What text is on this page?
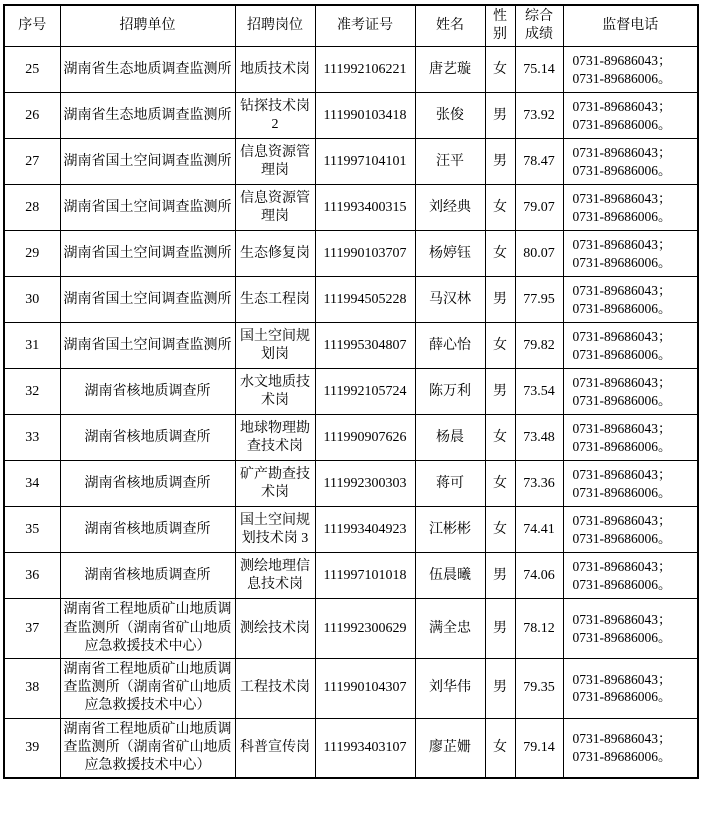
序号	招聘单位	招聘岗位	准考证号	姓名	性别	综合成绩	监督电话
25	湖南省生态地质调查监测所	地质技术岗	111992106221	唐艺璇	女	75.14	0731-89686043；
0731-89686006。

26	湖南省生态地质调查监测所	钻探技术岗 2	111990103418	张俊	男	73.92	0731-89686043；
0731-89686006。

27	湖南省国土空间调查监测所	信息资源管理岗	111997104101	汪平	男	78.47	0731-89686043；
0731-89686006。

28	湖南省国土空间调查监测所	信息资源管理岗	111993400315	刘经典	女	79.07	0731-89686043；
0731-89686006。

29	湖南省国土空间调查监测所	生态修复岗	111990103707	杨婷钰	女	80.07	0731-89686043；
0731-89686006。

30	湖南省国土空间调查监测所	生态工程岗	111994505228	马汉林	男	77.95	0731-89686043；
0731-89686006。

31	湖南省国土空间调查监测所	国土空间规划岗	111995304807	薛心怡	女	79.82	0731-89686043；
0731-89686006。

32	湖南省核地质调查所	水文地质技术岗	111992105724	陈万利	男	73.54	0731-89686043；
0731-89686006。

33	湖南省核地质调查所	地球物理勘查技术岗	111990907626	杨晨	女	73.48	0731-89686043；
0731-89686006。

34	湖南省核地质调查所	矿产勘查技术岗	111992300303	蒋可	女	73.36	0731-89686043；
0731-89686006。

35	湖南省核地质调查所	国土空间规划技术岗 3	111993404923	江彬彬	女	74.41	0731-89686043；
0731-89686006。

36	湖南省核地质调查所	测绘地理信息技术岗	111997101018	伍晨曦	男	74.06	0731-89686043；
0731-89686006。

37	湖南省工程地质矿山地质调查监测所（湖南省矿山地质应急救援技术中心）	测绘技术岗	111992300629	满全忠	男	78.12	0731-89686043；
0731-89686006。

38	湖南省工程地质矿山地质调查监测所（湖南省矿山地质应急救援技术中心）	工程技术岗	111990104307	刘华伟	男	79.35	0731-89686043；
0731-89686006。

39	湖南省工程地质矿山地质调查监测所（湖南省矿山地质应急救援技术中心）	科普宣传岗	111993403107	廖芷姗	女	79.14	0731-89686043；
0731-89686006。
